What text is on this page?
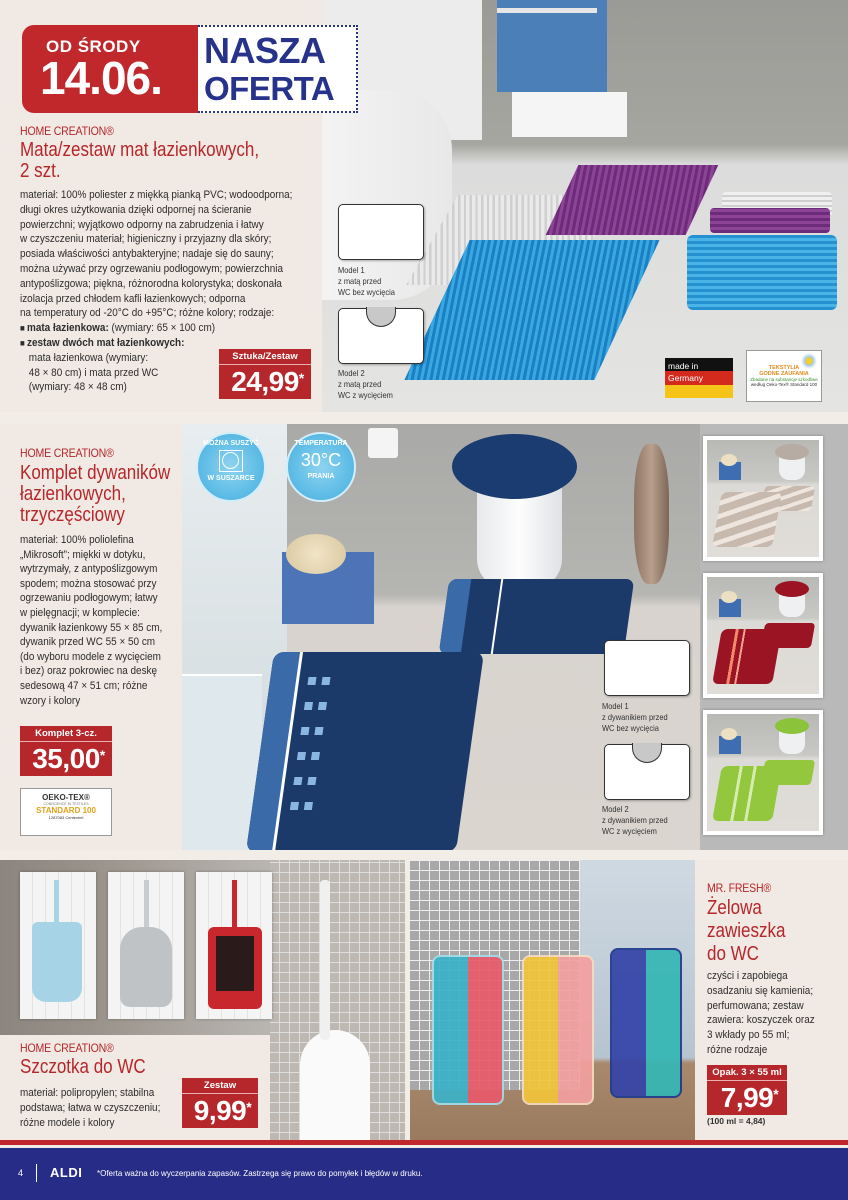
Model 1
z matą przed
WC bez wycięcia
Model 2
z matą przed
WC z wycięciem
made in
Germany
TEKSTYLIA
GODNE ZAUFANIA
Zbadane na substancje szkodliwe
według Oeko-Tex® Standard 100
OD ŚRODY
14.06.
NASZA
OFERTA
HOME CREATION®
Mata/zestaw mat łazienkowych,
2 szt.
materiał: 100% poliester z miękką pianką PVC; wodoodporna;
długi okres użytkowania dzięki odpornej na ścieranie
powierzchni; wyjątkowo odporny na zabrudzenia i łatwy
w czyszczeniu materiał; higieniczny i przyjazny dla skóry;
posiada właściwości antybakteryjne; nadaje się do sauny;
można używać przy ogrzewaniu podłogowym; powierzchnia
antypoślizgowa; piękna, różnorodna kolorystyka; doskonała
izolacja przed chłodem kafli łazienkowych; odporna
na temperatury od -20°C do +95°C; różne kolory; rodzaje:
■ mata łazienkowa: (wymiary: 65 × 100 cm)
■ zestaw dwóch mat łazienkowych:
mata łazienkowa (wymiary:
48 × 80 cm) i mata przed WC
(wymiary: 48 × 48 cm)
Sztuka/Zestaw
24,99 *
MOŻNA SUSZYĆ
W SUSZARCE
TEMPERATURA
30°C
PRANIA
Model 1
z dywanikiem przed
WC bez wycięcia
Model 2
z dywanikiem przed
WC z wycięciem
HOME CREATION®
Komplet dywaników
łazienkowych,
trzyczęściowy
materiał: 100% poliolefina
„Mikrosoft”; miękki w dotyku,
wytrzymały, z antypoślizgowym
spodem; można stosować przy
ogrzewaniu podłogowym; łatwy
w pielęgnacji; w komplecie:
dywanik łazienkowy 55 × 85 cm,
dywanik przed WC 55 × 50 cm
(do wyboru modele z wycięciem
i bez) oraz pokrowiec na deskę
sedesową 47 × 51 cm; różne
wzory i kolory
Komplet 3-cz.
35,00 *
OEKO-TEX®
CONFIDENCE IN TEXTILES
STANDARD 100
1287083 Centexbel
HOME CREATION®
Szczotka do WC
materiał: polipropylen; stabilna
podstawa; łatwa w czyszczeniu;
różne modele i kolory
Zestaw
9,99 *
MR. FRESH®
Żelowa
zawieszka
do WC
czyści i zapobiega
osadzaniu się kamienia;
perfumowana; zestaw
zawiera: koszyczek oraz
3 wkłady po 55 ml;
różne rodzaje
Opak. 3 × 55 ml
7,99 *
(100 ml = 4,84)
4 ALDI *Oferta ważna do wyczerpania zapasów. Zastrzega się prawo do pomyłek i błędów w druku.
